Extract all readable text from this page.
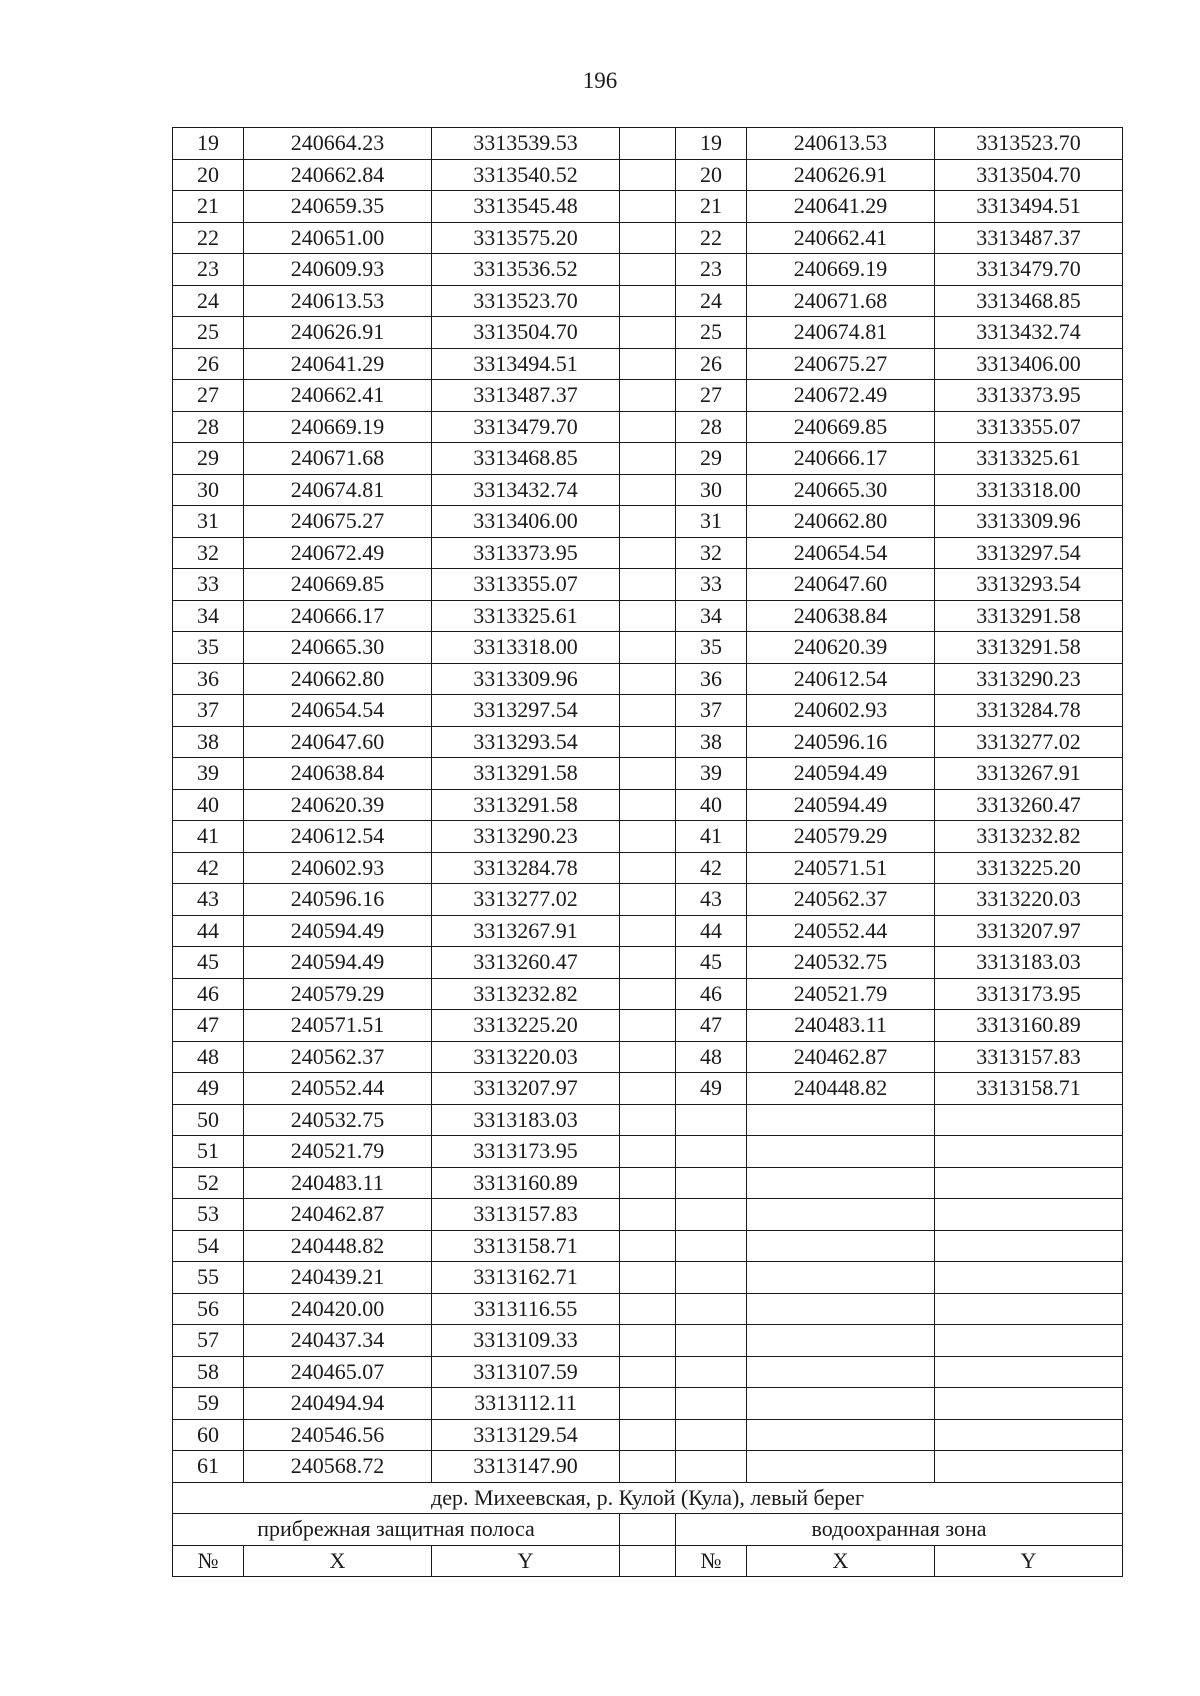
196
19	240664.23	3313539.53		19	240613.53	3313523.70
20	240662.84	3313540.52		20	240626.91	3313504.70
21	240659.35	3313545.48		21	240641.29	3313494.51
22	240651.00	3313575.20		22	240662.41	3313487.37
23	240609.93	3313536.52		23	240669.19	3313479.70
24	240613.53	3313523.70		24	240671.68	3313468.85
25	240626.91	3313504.70		25	240674.81	3313432.74
26	240641.29	3313494.51		26	240675.27	3313406.00
27	240662.41	3313487.37		27	240672.49	3313373.95
28	240669.19	3313479.70		28	240669.85	3313355.07
29	240671.68	3313468.85		29	240666.17	3313325.61
30	240674.81	3313432.74		30	240665.30	3313318.00
31	240675.27	3313406.00		31	240662.80	3313309.96
32	240672.49	3313373.95		32	240654.54	3313297.54
33	240669.85	3313355.07		33	240647.60	3313293.54
34	240666.17	3313325.61		34	240638.84	3313291.58
35	240665.30	3313318.00		35	240620.39	3313291.58
36	240662.80	3313309.96		36	240612.54	3313290.23
37	240654.54	3313297.54		37	240602.93	3313284.78
38	240647.60	3313293.54		38	240596.16	3313277.02
39	240638.84	3313291.58		39	240594.49	3313267.91
40	240620.39	3313291.58		40	240594.49	3313260.47
41	240612.54	3313290.23		41	240579.29	3313232.82
42	240602.93	3313284.78		42	240571.51	3313225.20
43	240596.16	3313277.02		43	240562.37	3313220.03
44	240594.49	3313267.91		44	240552.44	3313207.97
45	240594.49	3313260.47		45	240532.75	3313183.03
46	240579.29	3313232.82		46	240521.79	3313173.95
47	240571.51	3313225.20		47	240483.11	3313160.89
48	240562.37	3313220.03		48	240462.87	3313157.83
49	240552.44	3313207.97		49	240448.82	3313158.71
50	240532.75	3313183.03				
51	240521.79	3313173.95				
52	240483.11	3313160.89				
53	240462.87	3313157.83				
54	240448.82	3313158.71				
55	240439.21	3313162.71				
56	240420.00	3313116.55				
57	240437.34	3313109.33				
58	240465.07	3313107.59				
59	240494.94	3313112.11				
60	240546.56	3313129.54				
61	240568.72	3313147.90				
дер. Михеевская, р. Кулой (Кула), левый берег						
прибрежная защитная полоса				водоохранная зона		
№	X	Y		№	X	Y
